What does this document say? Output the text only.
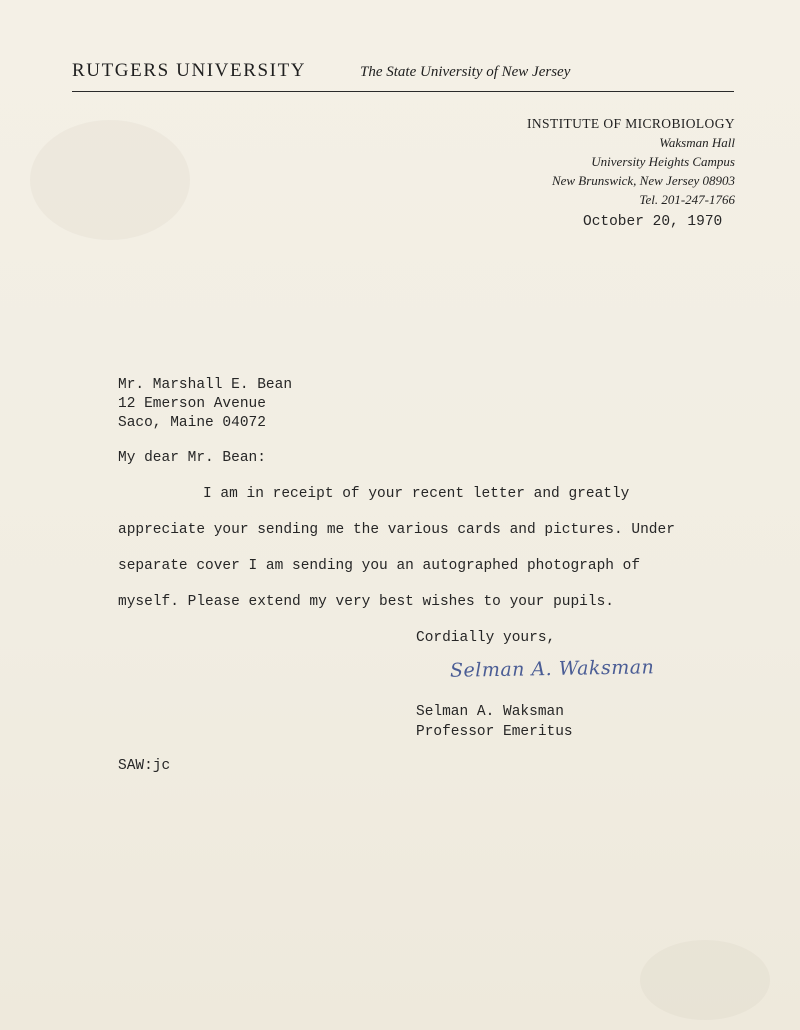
RUTGERS UNIVERSITY	The State University of New Jersey
INSTITUTE OF MICROBIOLOGY
Waksman Hall
University Heights Campus
New Brunswick, New Jersey 08903
Tel. 201-247-1766
October 20, 1970
Mr. Marshall E. Bean
12 Emerson Avenue
Saco, Maine 04072
My dear Mr. Bean:
I am in receipt of your recent letter and greatly
appreciate your sending me the various cards and pictures. Under
separate cover I am sending you an autographed photograph of
myself. Please extend my very best wishes to your pupils.
Cordially yours,
Selman A. Waksman
Selman A. Waksman
Professor Emeritus
SAW:jc
